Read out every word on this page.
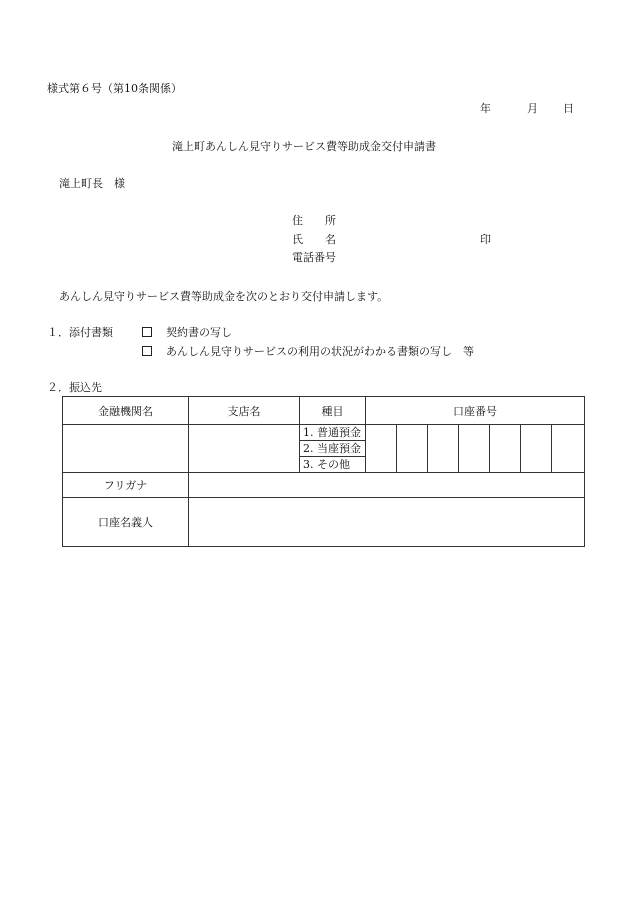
様式第６号（第10条関係）
年	月 日
滝上町あんしん見守りサービス費等助成金交付申請書
滝上町長　様
住　　所
氏　　名	印
電話番号
あんしん見守りサービス費等助成金を次のとおり交付申請します。
１．添付書類	契約書の写し
あんしん見守りサービスの利用の状況がわかる書類の写し　等
２．振込先
金融機関名	支店名	種目	口座番号						

		1. 普通預金
2. 当座預金
3. その他							

フリガナ									
口座名義人									
